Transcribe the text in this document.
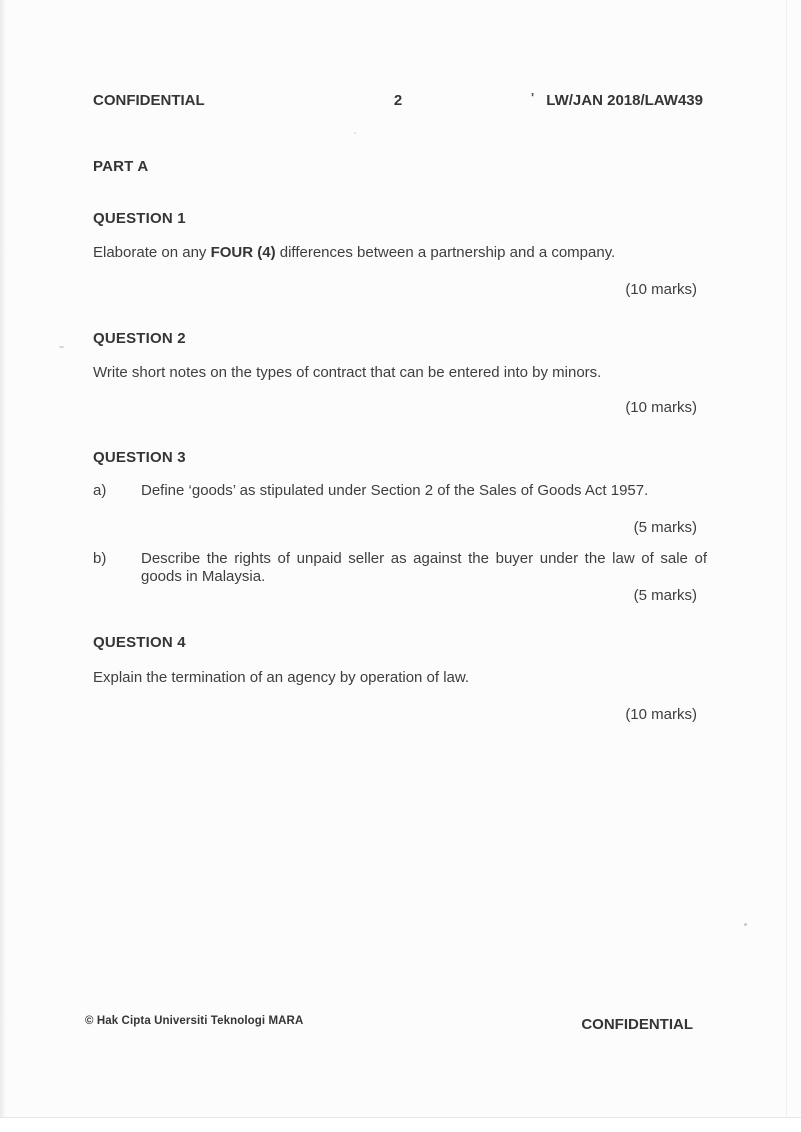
CONFIDENTIAL	2	LW/JAN 2018/LAW439
'
PART A
QUESTION 1
Elaborate on any FOUR (4) differences between a partnership and a company.
(10 marks)
QUESTION 2
Write short notes on the types of contract that can be entered into by minors.
(10 marks)
QUESTION 3
a) Define ‘goods’ as stipulated under Section 2 of the Sales of Goods Act 1957.
(5 marks)
b) Describe the rights of unpaid seller as against the buyer under the law of sale of goods in Malaysia.
(5 marks)
QUESTION 4
Explain the termination of an agency by operation of law.
(10 marks)
© Hak Cipta Universiti Teknologi MARA	CONFIDENTIAL
